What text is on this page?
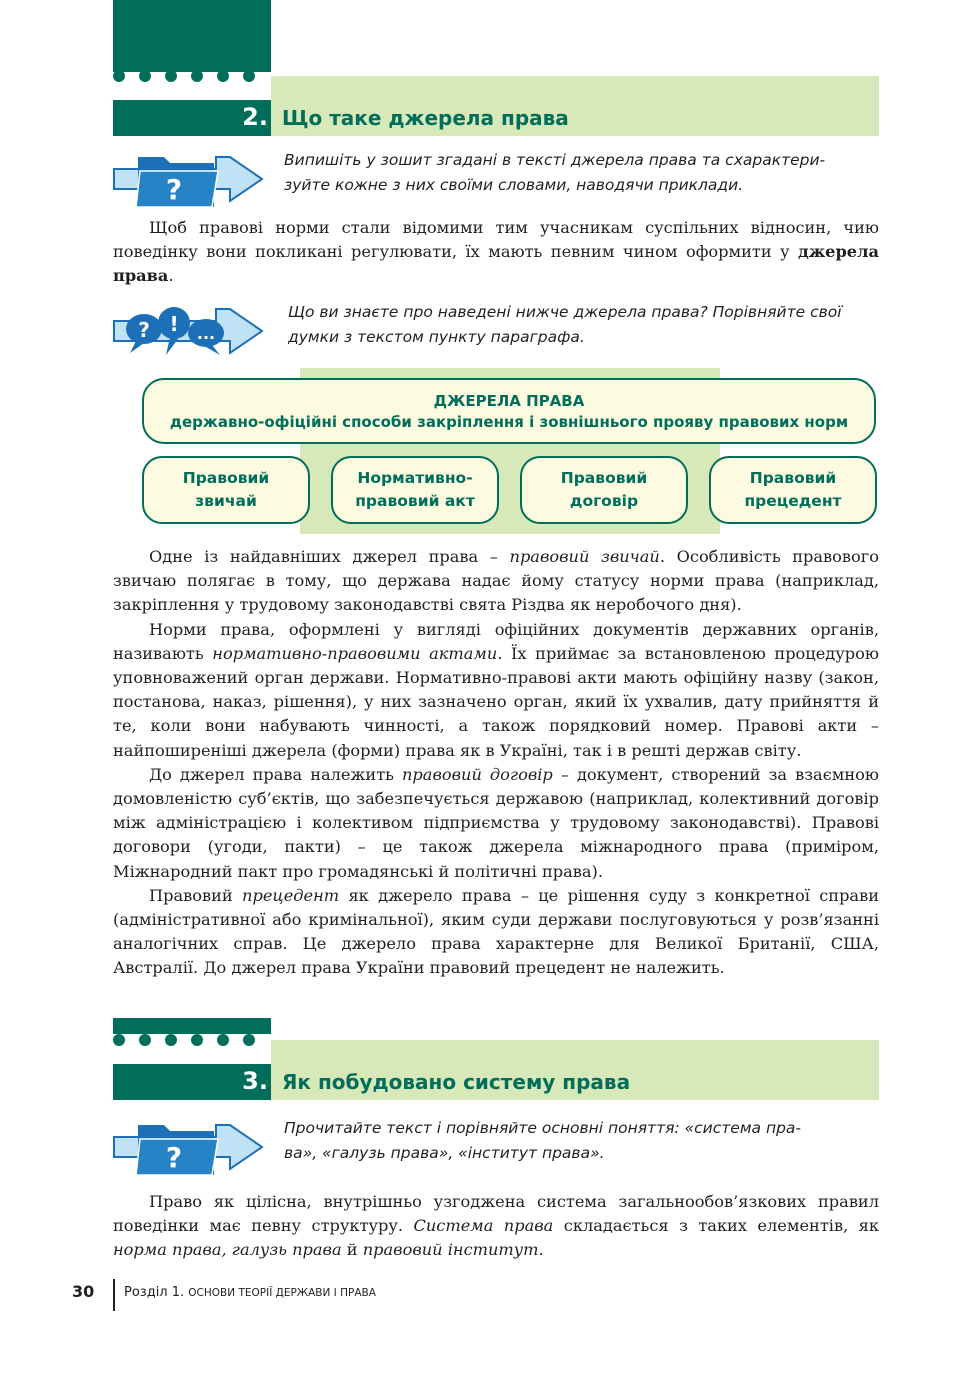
2. Що таке джерела права
?
Випишіть у зошит згадані в тексті джерела права та схарактери-
зуйте кожне з них своїми словами, наводячи приклади.

Щоб правові норми стали відомими тим учасникам суспільних відносин, чию поведінку вони покликані регулювати, їх мають певним чином оформити у джерела права.

? ! ...
Що ви знаєте про наведені нижче джерела права? Порівняйте свої
думки з текстом пункту параграфа.
ДЖЕРЕЛА ПРАВА
державно-офіційні способи закріплення і зовнішнього прояву правових норм
Правовий
звичай
Нормативно-
правовий акт
Правовий
договір
Правовий
прецедент

Одне із найдавніших джерел права – правовий звичай. Особливість правового звичаю полягає в тому, що держава надає йому статусу норми права (наприклад, закріплення у трудовому законодавстві свята Різдва як неробочого дня).

Норми права, оформлені у вигляді офіційних документів державних органів, називають нормативно-правовими актами. Їх приймає за встановленою процедурою уповноважений орган держави. Нормативно-правові акти мають офіційну назву (закон, постанова, наказ, рішення), у них зазначено орган, який їх ухвалив, дату прийняття й те, коли вони набувають чинності, а також порядковий номер. Правові акти – найпоширеніші джерела (форми) права як в Україні, так і в решті держав світу.

До джерел права належить правовий договір – документ, створений за взаємною домовленістю суб’єктів, що забезпечується державою (наприклад, колективний договір між адміністрацією і колективом підприємства у трудовому законодавстві). Правові договори (угоди, пакти) – це також джерела міжнародного права (приміром, Міжнародний пакт про громадянські й політичні права).

Правовий прецедент як джерело права – це рішення суду з конкретної справи (адміністративної або кримінальної), яким суди держави послуговуються у розв’язанні аналогічних справ. Це джерело права характерне для Великої Британії, США, Австралії. До джерел права України правовий прецедент не належить.

3. Як побудовано систему права
?
Прочитайте текст і порівняйте основні поняття: «система пра-
ва», «галузь права», «інститут права».

Право як цілісна, внутрішньо узгоджена система загальнообов’язкових правил поведінки має певну структуру. Система права складається з таких елементів, як норма права, галузь права й правовий інститут.

30 Розділ 1. ОСНОВИ ТЕОРІЇ ДЕРЖАВИ І ПРАВА
